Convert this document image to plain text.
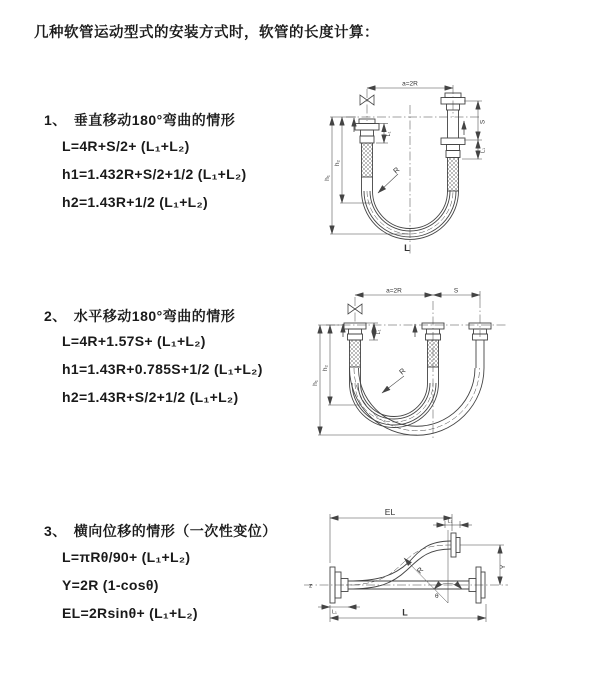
几种软管运动型式的安装方式时，软管的长度计算：
1、 垂直移动180°弯曲的情形
L=4R+S/2+ (L₁+L₂)
h1=1.432R+S/2+1/2 (L₁+L₂)
h2=1.43R+1/2 (L₁+L₂)
a=2R
h₁
h₂
S
L₁
L₁
R
L
2、 水平移动180°弯曲的情形
L=4R+1.57S+ (L₁+L₂)
h1=1.43R+0.785S+1/2 (L₁+L₂)
h2=1.43R+S/2+1/2 (L₁+L₂)
a=2R	S
h₁
h₂
L₁
R
3、 横向位移的情形（一次性变位）
L=πRθ/90+ (L₁+L₂)
Y=2R (1-cosθ)
EL=2Rsinθ+ (L₁+L₂)
EL
L₁
Y
R
θ
L
L₁
z
